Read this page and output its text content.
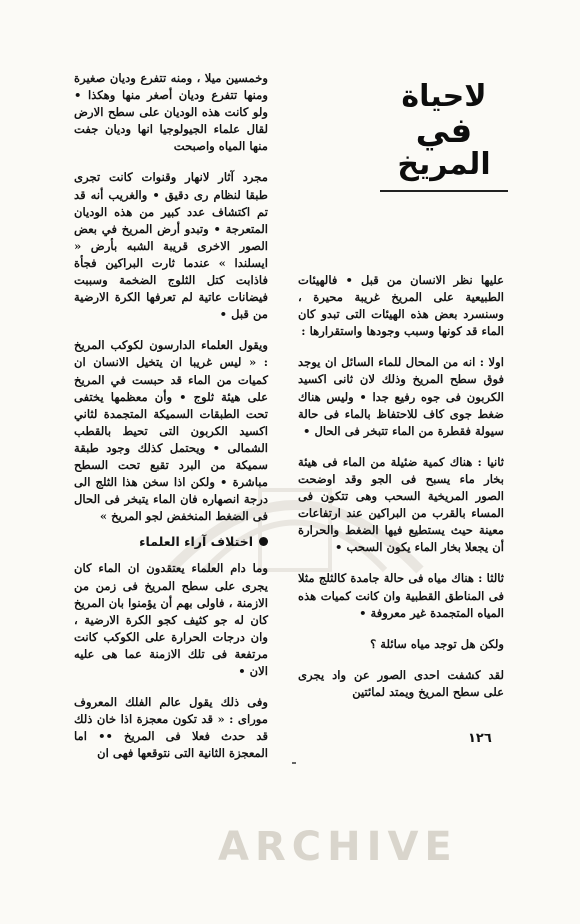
لاحياة
في
المريخ

وخمسين ميلا ، ومنه تتفرع وديان صغيرة ومنها تتفرع وديان أصغر منها وهكذا • ولو كانت هذه الوديان على سطح الارض لقال علماء الجيولوجيا انها وديان جفت منها المياه واصبحت

مجرد آثار لانهار وقنوات كانت تجرى طبقا لنظام رى دقيق • والغريب أنه قد تم اكتشاف عدد كبير من هذه الوديان المتعرجة • وتبدو أرض المريخ في بعض الصور الاخرى قريبة الشبه بأرض « ايسلندا » عندما ثارت البراكين فجأة فاذابت كتل الثلوج الضخمة وسببت فيضانات عاتية لم تعرفها الكرة الارضية من قبل •

ويقول العلماء الدارسون لكوكب المريخ : « ليس غريبا ان يتخيل الانسان ان كميات من الماء قد حبست في المريخ على هيئة ثلوج • وأن معظمها يختفى تحت الطبقات السميكة المتجمدة لثاني اكسيد الكربون التى تحيط بالقطب الشمالى • ويحتمل كذلك وجود طبقة سميكة من البرد تقبع تحت السطح مباشرة • ولكن اذا سخن هذا الثلج الى درجة انصهاره فان الماء يتبخر فى الحال فى الضغط المنخفض لجو المريخ »

اختلاف آراء العلماء

وما دام العلماء يعتقدون ان الماء كان يجرى على سطح المريخ فى زمن من الازمنة ، فاولى بهم أن يؤمنوا بان المريخ كان له جو كثيف كجو الكرة الارضية ، وان درجات الحرارة على الكوكب كانت مرتفعة فى تلك الازمنة عما هى عليه الان •

وفى ذلك يقول عالم الفلك المعروف موراى : « قد تكون معجزة اذا خان ذلك قد حدث فعلا فى المريخ •• اما المعجزة الثانية التى نتوقعها فهى ان

عليها نظر الانسان من قبل • فالهيئات الطبيعية على المريخ غريبة محيرة ، وسنسرد بعض هذه الهيئات التى تبدو كان الماء قد كونها وسبب وجودها واستقرارها :

اولا : انه من المحال للماء السائل ان يوجد فوق سطح المريخ وذلك لان ثانى اكسيد الكربون فى جوه رفيع جدا • وليس هناك ضغط جوى كاف للاحتفاظ بالماء فى حالة سيولة فقطرة من الماء تتبخر فى الحال •

ثانيا : هناك كمية ضئيلة من الماء فى هيئة بخار ماء يسبح فى الجو وقد اوضحت الصور المريخية السحب وهى تتكون فى المساء بالقرب من البراكين عند ارتفاعات معينة حيث يستطيع فيها الضغط والحرارة أن يجعلا بخار الماء يكون السحب •

ثالثا : هناك مياه فى حالة جامدة كالثلج مثلا فى المناطق القطبية وان كانت كميات هذه المياه المتجمدة غير معروفة •

ولكن هل توجد مياه سائلة ؟

لقد كشفت احدى الصور عن واد يجرى على سطح المريخ ويمتد لمائتين

١٢٦
ARCHIVE
